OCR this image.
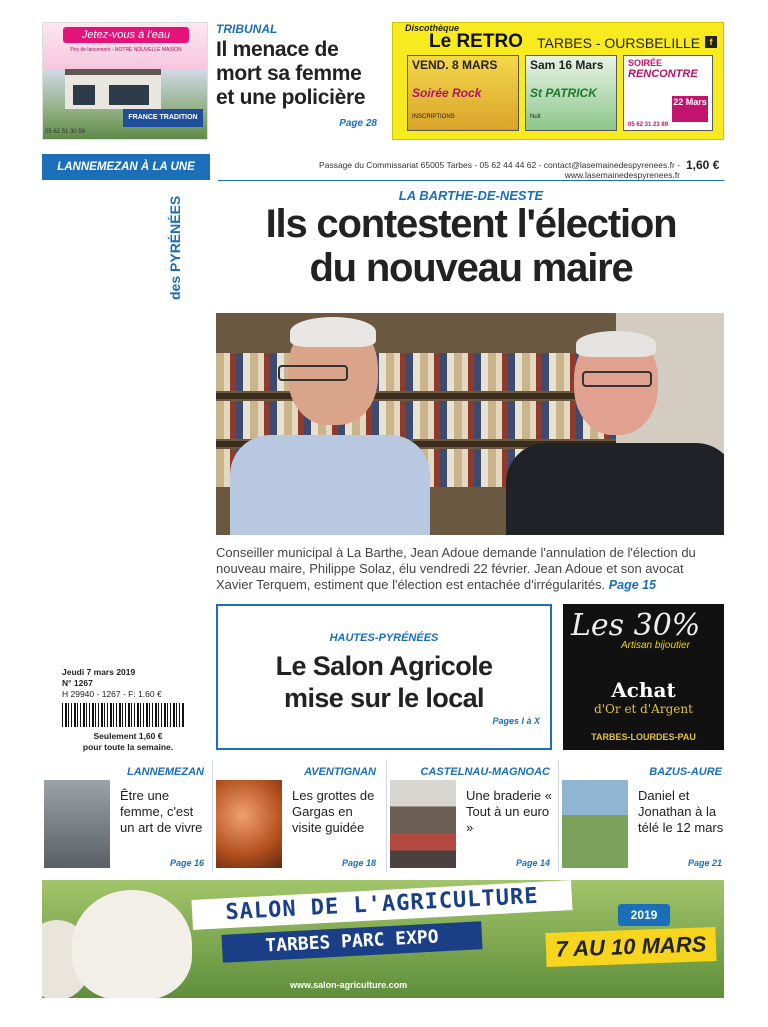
Jetez-vous à l'eau
Prix de lancement - NOTRE NOUVELLE MAISON
FRANCE TRADITION
05 62 51 30 56
TRIBUNAL
Il menace de mort sa femme et une policière
Page 28
Discothèque
Le RETRO TARBES - OURSBELILLE	f
VEND. 8 MARS
Soirée Rock
INSCRIPTIONS
Sam 16 Mars
St PATRICK
Nuit
SOIRÉE
RENCONTRE
22 Mars
05 62 31 23 89
LANNEMEZAN À LA UNE	Passage du Commissariat 65005 Tarbes - 05 62 44 44 62 - contact@lasemainedespyrenees.fr - www.lasemainedespyrenees.fr
1,60 €
des PYRÉNÉES
LA BARTHE-DE-NESTE
Ils contestent l'élection
du nouveau maire
Conseiller municipal à La Barthe, Jean Adoue demande l'annulation de l'élection du nouveau maire, Philippe Solaz, élu vendredi 22 février. Jean Adoue et son avocat Xavier Terquem, estiment que l'élection est entachée d'irrégularités. Page 15
Jeudi 7 mars 2019
N° 1267
H 29940 - 1267 - F: 1.60 €
Seulement 1,60 €
pour toute la semaine.
HAUTES-PYRÉNÉES
Le Salon Agricole
mise sur le local
Pages I à X
Les 30%
Artisan bijoutier
Achat
d'Or et d'Argent
TARBES-LOURDES-PAU
LANNEMEZAN
Être une femme, c'est un art de vivre
Page 16
AVENTIGNAN
Les grottes de Gargas en visite guidée
Page 18
CASTELNAU-MAGNOAC
Une braderie « Tout à un euro »
Page 14
BAZUS-AURE
Daniel et Jonathan à la télé le 12 mars
Page 21
SALON DE L'AGRICULTURE
TARBES PARC EXPO
2019
7 AU 10 MARS
www.salon-agriculture.com
